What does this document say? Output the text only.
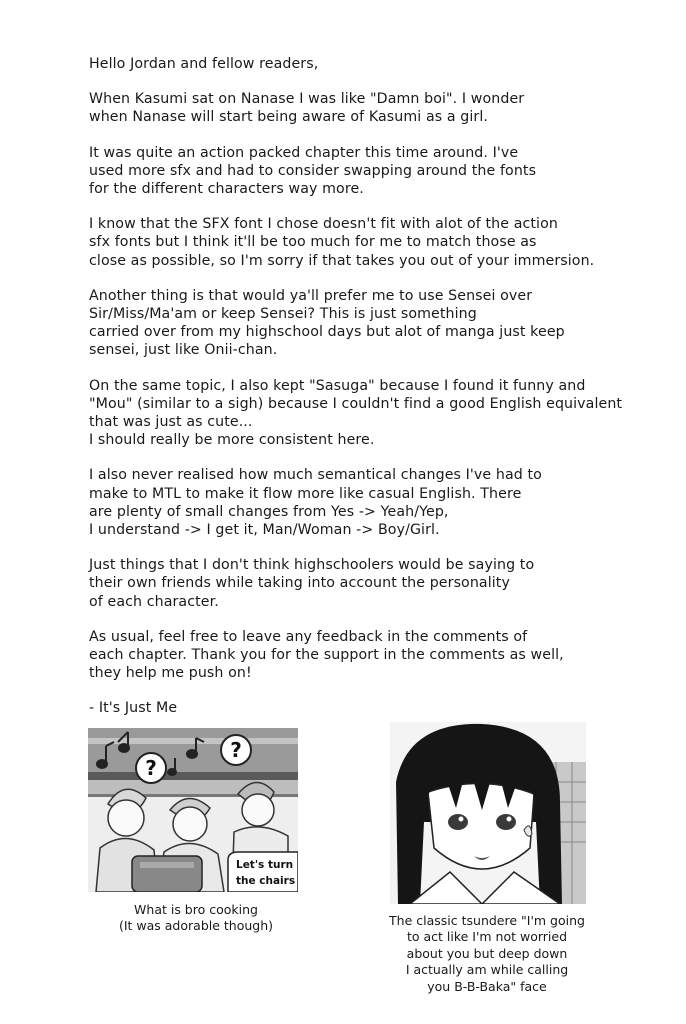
Hello Jordan and fellow readers,

When Kasumi sat on Nanase I was like "Damn boi". I wonder
when Nanase will start being aware of Kasumi as a girl.

It was quite an action packed chapter this time around. I've
used more sfx and had to consider swapping around the fonts
for the different characters way more.

I know that the SFX font I chose doesn't fit with alot of the action
sfx fonts but I think it'll be too much for me to match those as
close as possible, so I'm sorry if that takes you out of your immersion.

Another thing is that would ya'll prefer me to use Sensei over
Sir/Miss/Ma'am or keep Sensei? This is just something
carried over from my highschool days but alot of manga just keep
sensei, just like Onii-chan.

On the same topic, I also kept "Sasuga" because I found it funny and
"Mou" (similar to a sigh) because I couldn't find a good English equivalent
that was just as cute...
I should really be more consistent here.

I also never realised how much semantical changes I've had to
make to MTL to make it flow more like casual English. There
are plenty of small changes from Yes -> Yeah/Yep,
I understand -> I get it, Man/Woman -> Boy/Girl.

Just things that I don't think highschoolers would be saying to
their own friends while taking into account the personality
of each character.

As usual, feel free to leave any feedback in the comments of
each chapter. Thank you for the support in the comments as well,
they help me push on!

- It's Just Me

?
?
Let's turn the chairs
What is bro cooking
(It was adorable though)	The classic tsundere "I'm going
to act like I'm not worried
about you but deep down
I actually am while calling
you B-B-Baka" face
